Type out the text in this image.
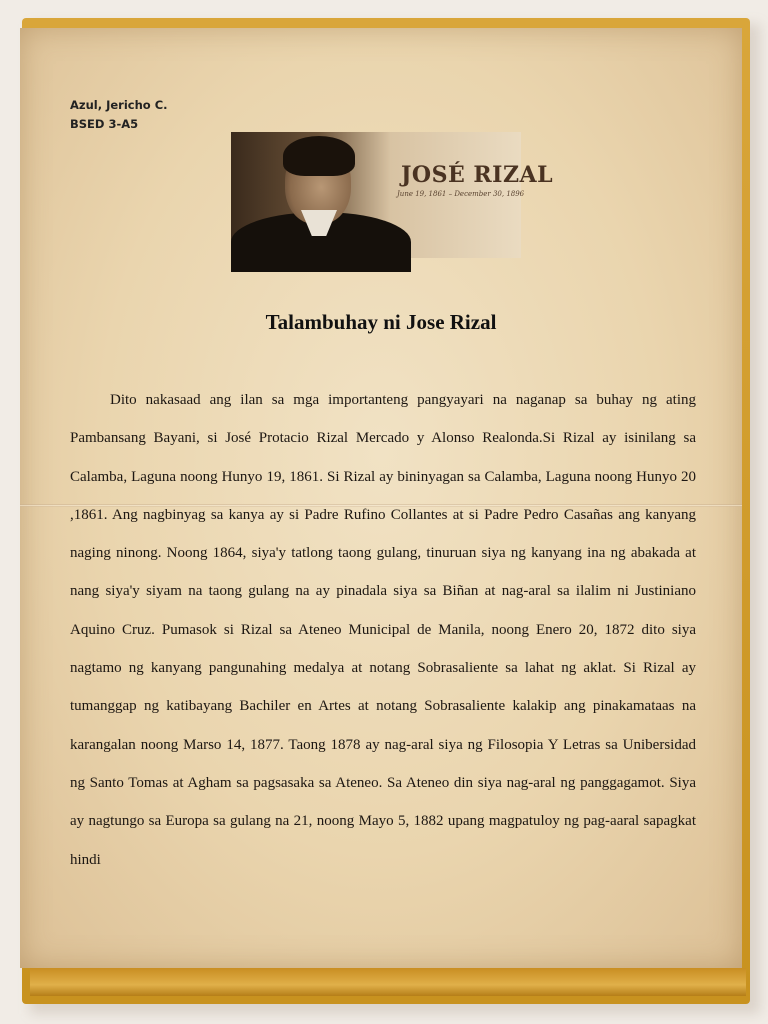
Azul, Jericho C.
BSED 3-A5
JOSÉ RIZAL
June 19, 1861 – December 30, 1896
Talambuhay ni Jose Rizal

Dito nakasaad ang ilan sa mga importanteng pangyayari na naganap sa buhay ng ating Pambansang Bayani, si José Protacio Rizal Mercado y Alonso Realonda.Si Rizal ay isinilang sa Calamba, Laguna noong Hunyo 19, 1861. Si Rizal ay bininyagan sa Calamba, Laguna noong Hunyo 20 ,1861. Ang nagbinyag sa kanya ay si Padre Rufino Collantes at si Padre Pedro Casañas ang kanyang naging ninong. Noong 1864, siya'y tatlong taong gulang, tinuruan siya ng kanyang ina ng abakada at nang siya'y siyam na taong gulang na ay pinadala siya sa Biñan at nag-aral sa ilalim ni Justiniano Aquino Cruz. Pumasok si Rizal sa Ateneo Municipal de Manila, noong Enero 20, 1872 dito siya nagtamo ng kanyang pangunahing medalya at notang Sobrasaliente sa lahat ng aklat. Si Rizal ay tumanggap ng katibayang Bachiler en Artes at notang Sobrasaliente kalakip ang pinakamataas na karangalan noong Marso 14, 1877. Taong 1878 ay nag-aral siya ng Filosopia Y Letras sa Unibersidad ng Santo Tomas at Agham sa pagsasaka sa Ateneo. Sa Ateneo din siya nag-aral ng panggagamot. Siya ay nagtungo sa Europa sa gulang na 21, noong Mayo 5, 1882 upang magpatuloy ng pag-aaral sapagkat hindi
